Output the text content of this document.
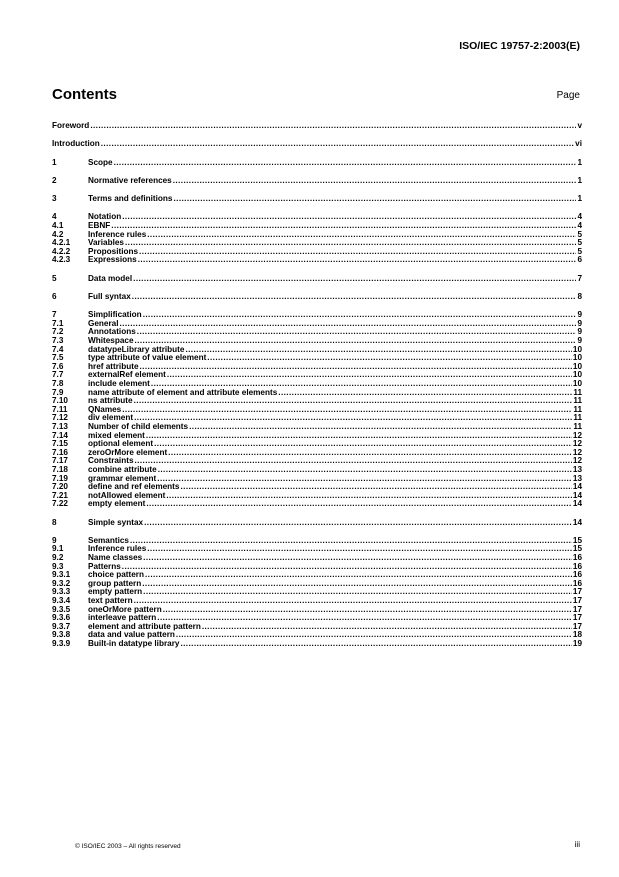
ISO/IEC 19757-2:2003(E)
Contents	Page
Foreword .....	v
Introduction .....	vi
1	Scope .....	1
2	Normative references .....	1
3	Terms and definitions .....	1
4	Notation .....	4
4.1	EBNF .....	4
4.2	Inference rules .....	5
4.2.1	Variables .....	5
4.2.2	Propositions .....	5
4.2.3	Expressions .....	6
5	Data model .....	7
6	Full syntax .....	8
7	Simplification .....	9
7.1	General .....	9
7.2	Annotations .....	9
7.3	Whitespace .....	9
7.4	datatypeLibrary attribute .....	10
7.5	type attribute of value element .....	10
7.6	href attribute .....	10
7.7	externalRef element .....	10
7.8	include element .....	10
7.9	name attribute of element and attribute elements .....	11
7.10	ns attribute .....	11
7.11	QNames .....	11
7.12	div element .....	11
7.13	Number of child elements .....	11
7.14	mixed element .....	12
7.15	optional element .....	12
7.16	zeroOrMore element .....	12
7.17	Constraints .....	12
7.18	combine attribute .....	13
7.19	grammar element .....	13
7.20	define and ref elements .....	14
7.21	notAllowed element .....	14
7.22	empty element .....	14
8	Simple syntax .....	14
9	Semantics .....	15
9.1	Inference rules .....	15
9.2	Name classes .....	16
9.3	Patterns .....	16
9.3.1	choice pattern .....	16
9.3.2	group pattern .....	16
9.3.3	empty pattern .....	17
9.3.4	text pattern .....	17
9.3.5	oneOrMore pattern .....	17
9.3.6	interleave pattern .....	17
9.3.7	element and attribute pattern .....	17
9.3.8	data and value pattern .....	18
9.3.9	Built-in datatype library .....	19
© ISO/IEC 2003 – All rights reserved	iii
